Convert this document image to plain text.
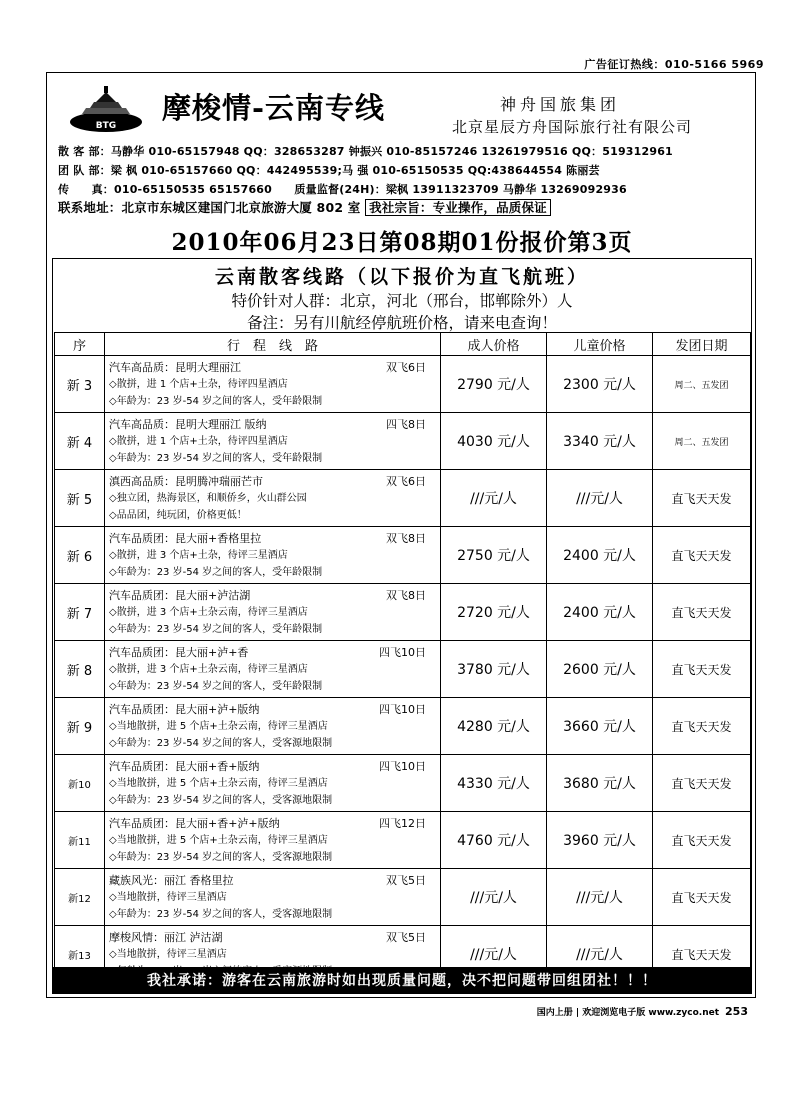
广告征订热线：010-5166 5969
BTG
摩梭情-云南专线	神舟国旅集团
北京星辰方舟国际旅行社有限公司
散 客 部：马静华 010-65157948 QQ：328653287 钟振兴 010-85157246 13261979516 QQ：519312961
团 队 部：梁 枫 010-65157660 QQ：442495539;马 强 010-65150535 QQ:438644554 陈丽芸
传　　真：010-65150535 65157660　　质量监督(24H)：梁枫 13911323709 马静华 13269092936
联系地址：北京市东城区建国门北京旅游大厦 802 室 我社宗旨：专业操作，品质保证
2010年06月23日第08期01份报价第3页
云南散客线路（以下报价为直飞航班）
特价针对人群：北京，河北（邢台，邯郸除外）人
备注：另有川航经停航班价格，请来电查询！
序	行　程　线　路	成人价格	儿童价格	发团日期
新 3	汽车高品质：昆明大理丽江 双飞6日
◇散拼，进 1 个店+土杂，待评四星酒店
◇年龄为：23 岁-54 岁之间的客人，受年龄限制	2790 元/人	2300 元/人	周二、五发团
新 4	汽车高品质：昆明大理丽江 版纳 四飞8日
◇散拼，进 1 个店+土杂，待评四星酒店
◇年龄为：23 岁-54 岁之间的客人，受年龄限制	4030 元/人	3340 元/人	周二、五发团
新 5	滇西高品质：昆明腾冲瑞丽芒市 双飞6日
◇独立团，热海景区，和顺侨乡，火山群公园
◇品品团，纯玩团，价格更低！	///元/人	///元/人	直飞天天发
新 6	汽车品质团：昆大丽+香格里拉 双飞8日
◇散拼，进 3 个店+土杂，待评三星酒店
◇年龄为：23 岁-54 岁之间的客人，受年龄限制	2750 元/人	2400 元/人	直飞天天发
新 7	汽车品质团：昆大丽+泸沽湖 双飞8日
◇散拼，进 3 个店+土杂云南，待评三星酒店
◇年龄为：23 岁-54 岁之间的客人，受年龄限制	2720 元/人	2400 元/人	直飞天天发
新 8	汽车品质团：昆大丽+泸+香 四飞10日
◇散拼，进 3 个店+土杂云南，待评三星酒店
◇年龄为：23 岁-54 岁之间的客人，受年龄限制	3780 元/人	2600 元/人	直飞天天发
新 9	汽车品质团：昆大丽+泸+版纳 四飞10日
◇当地散拼，进 5 个店+土杂云南，待评三星酒店
◇年龄为：23 岁-54 岁之间的客人，受客源地限制	4280 元/人	3660 元/人	直飞天天发
新10	汽车品质团：昆大丽+香+版纳 四飞10日
◇当地散拼，进 5 个店+土杂云南，待评三星酒店
◇年龄为：23 岁-54 岁之间的客人，受客源地限制	4330 元/人	3680 元/人	直飞天天发
新11	汽车品质团：昆大丽+香+泸+版纳 四飞12日
◇当地散拼，进 5 个店+土杂云南，待评三星酒店
◇年龄为：23 岁-54 岁之间的客人，受客源地限制	4760 元/人	3960 元/人	直飞天天发
新12	藏族风光：丽江 香格里拉 双飞5日
◇当地散拼，待评三星酒店
◇年龄为：23 岁-54 岁之间的客人，受客源地限制	///元/人	///元/人	直飞天天发
新13	摩梭风情：丽江 泸沽湖 双飞5日
◇当地散拼，待评三星酒店	///元/人	///元/人	直飞天天发
我社承诺：游客在云南旅游时如出现质量问题，决不把问题带回组团社！！！
国内上册 | 欢迎浏览电子版 www.zyco.net 253
